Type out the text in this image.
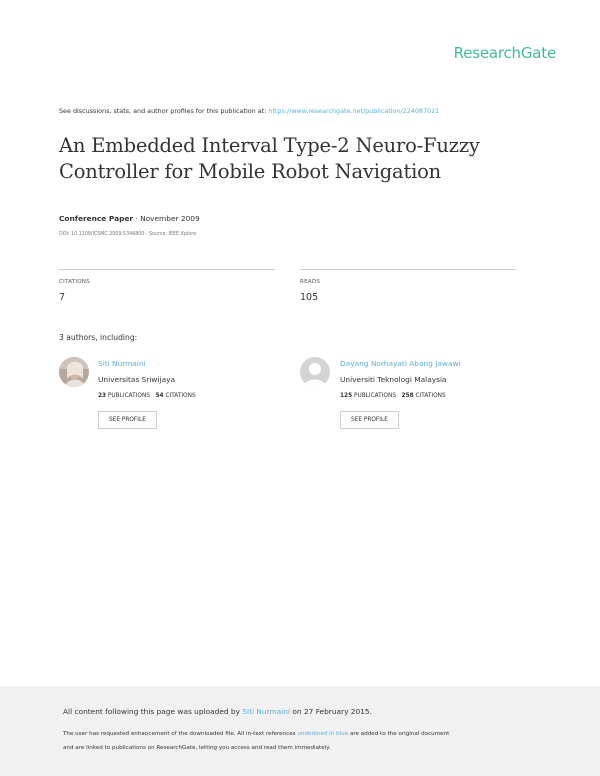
ResearchGate
See discussions, stats, and author profiles for this publication at: https://www.researchgate.net/publication/224087021
An Embedded Interval Type-2 Neuro-Fuzzy
Controller for Mobile Robot Navigation
Conference Paper · November 2009
DOI: 10.1109/ICSMC.2009.5346800 · Source: IEEE Xplore
CITATIONS
7
READS
105
3 authors, including:
Siti Nurmaini
Universitas Sriwijaya
23 PUBLICATIONS 54 CITATIONS
SEE PROFILE
Dayang Norhayati Abang Jawawi
Universiti Teknologi Malaysia
125 PUBLICATIONS 258 CITATIONS
SEE PROFILE
All content following this page was uploaded by Siti Nurmaini on 27 February 2015.
The user has requested enhancement of the downloaded file. All in-text references underlined in blue are added to the original document
and are linked to publications on ResearchGate, letting you access and read them immediately.
